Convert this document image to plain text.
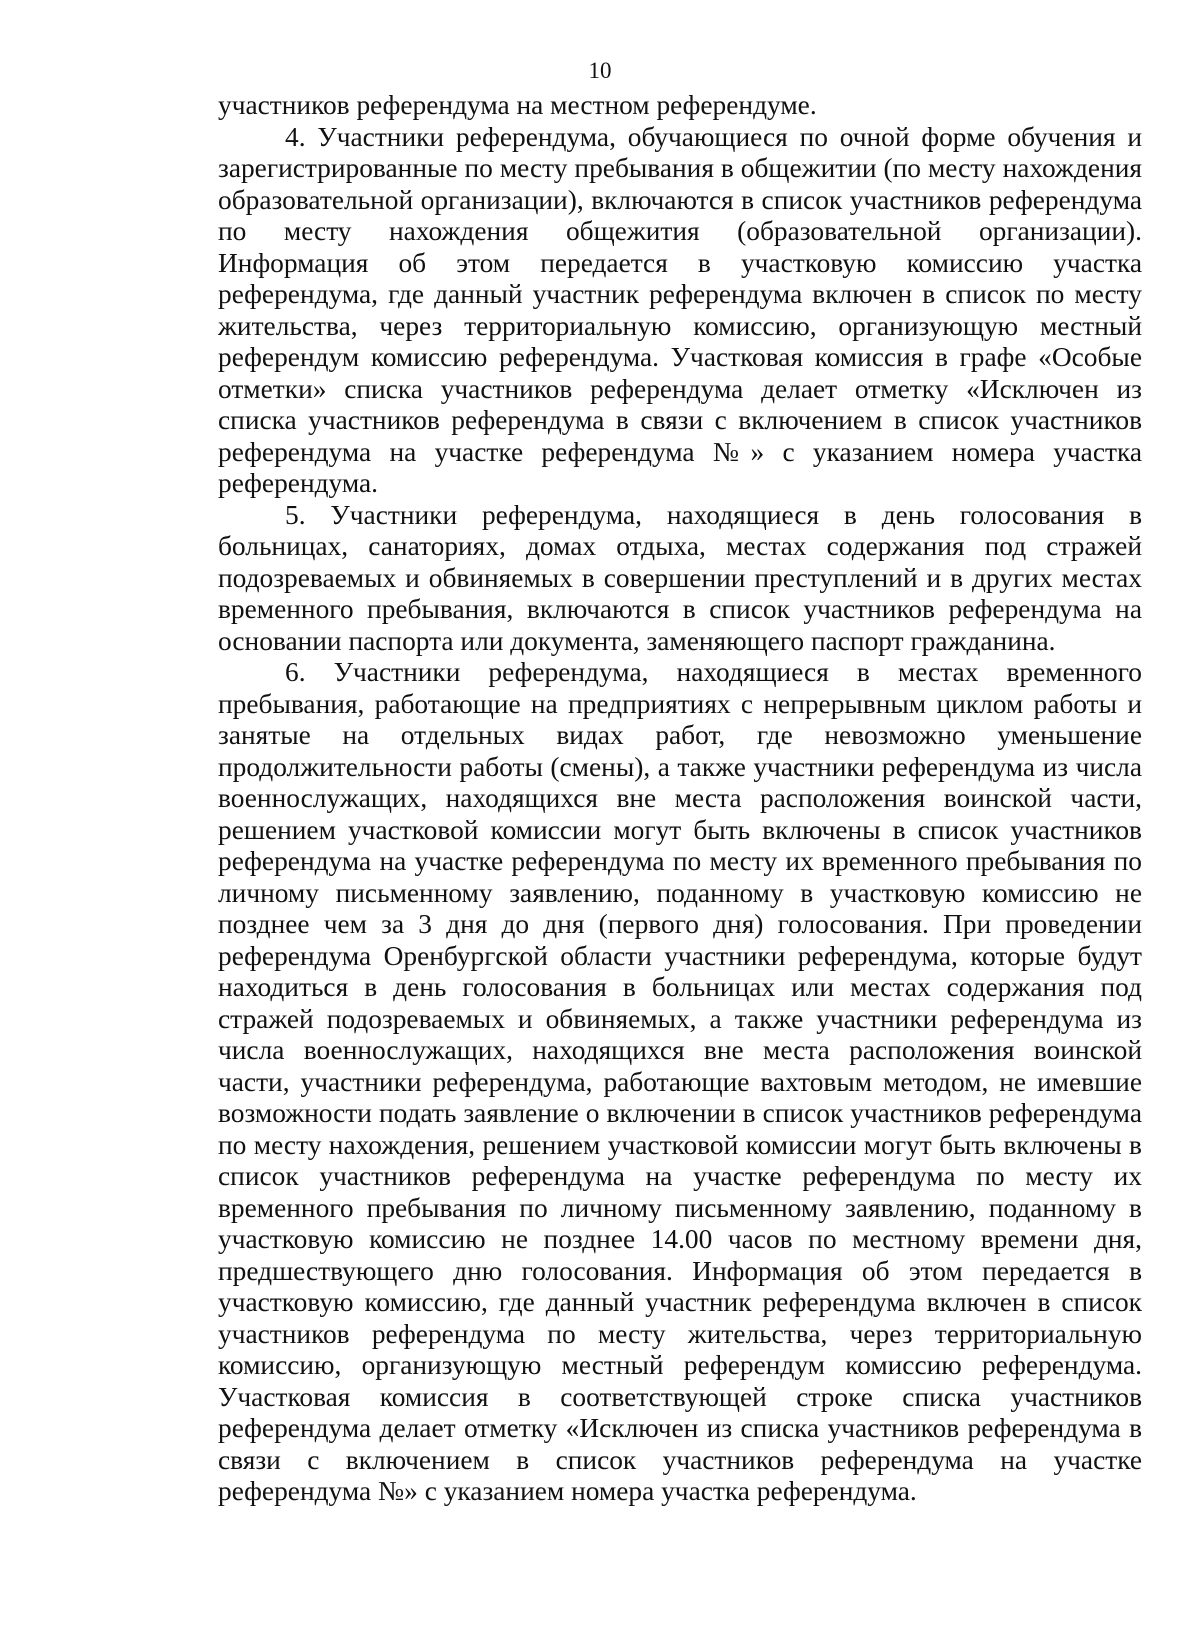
10

участников референдума на местном референдуме.

4. Участники референдума, обучающиеся по очной форме обучения и зарегистрированные по месту пребывания в общежитии (по месту нахождения образовательной организации), включаются в список участников референдума по месту нахождения общежития (образовательной организации). Информация об этом передается в участковую комиссию участка референдума, где данный участник референдума включен в список по месту жительства, через территориальную комиссию, организующую местный референдум комиссию референдума. Участковая комиссия в графе «Особые отметки» списка участников референдума делает отметку «Исключен из списка участников референдума в связи с включением в список участников референдума на участке референдума №» с указанием номера участка референдума.

5. Участники референдума, находящиеся в день голосования в больницах, санаториях, домах отдыха, местах содержания под стражей подозреваемых и обвиняемых в совершении преступлений и в других местах временного пребывания, включаются в список участников референдума на основании паспорта или документа, заменяющего паспорт гражданина.

6. Участники референдума, находящиеся в местах временного пребывания, работающие на предприятиях с непрерывным циклом работы и занятые на отдельных видах работ, где невозможно уменьшение продолжительности работы (смены), а также участники референдума из числа военнослужащих, находящихся вне места расположения воинской части, решением участковой комиссии могут быть включены в список участников референдума на участке референдума по месту их временного пребывания по личному письменному заявлению, поданному в участковую комиссию не позднее чем за 3 дня до дня (первого дня) голосования. При проведении референдума Оренбургской области участники референдума, которые будут находиться в день голосования в больницах или местах содержания под стражей подозреваемых и обвиняемых, а также участники референдума из числа военнослужащих, находящихся вне места расположения воинской части, участники референдума, работающие вахтовым методом, не имевшие возможности подать заявление о включении в список участников референдума по месту нахождения, решением участковой комиссии могут быть включены в список участников референдума на участке референдума по месту их временного пребывания по личному письменному заявлению, поданному в участковую комиссию не позднее 14.00 часов по местному времени дня, предшествующего дню голосования. Информация об этом передается в участковую комиссию, где данный участник референдума включен в список участников референдума по месту жительства, через территориальную комиссию, организующую местный референдум комиссию референдума. Участковая комиссия в соответствующей строке списка участников референдума делает отметку «Исключен из списка участников референдума в связи с включением в список участников референдума на участке референдума №» с указанием номера участка референдума.
